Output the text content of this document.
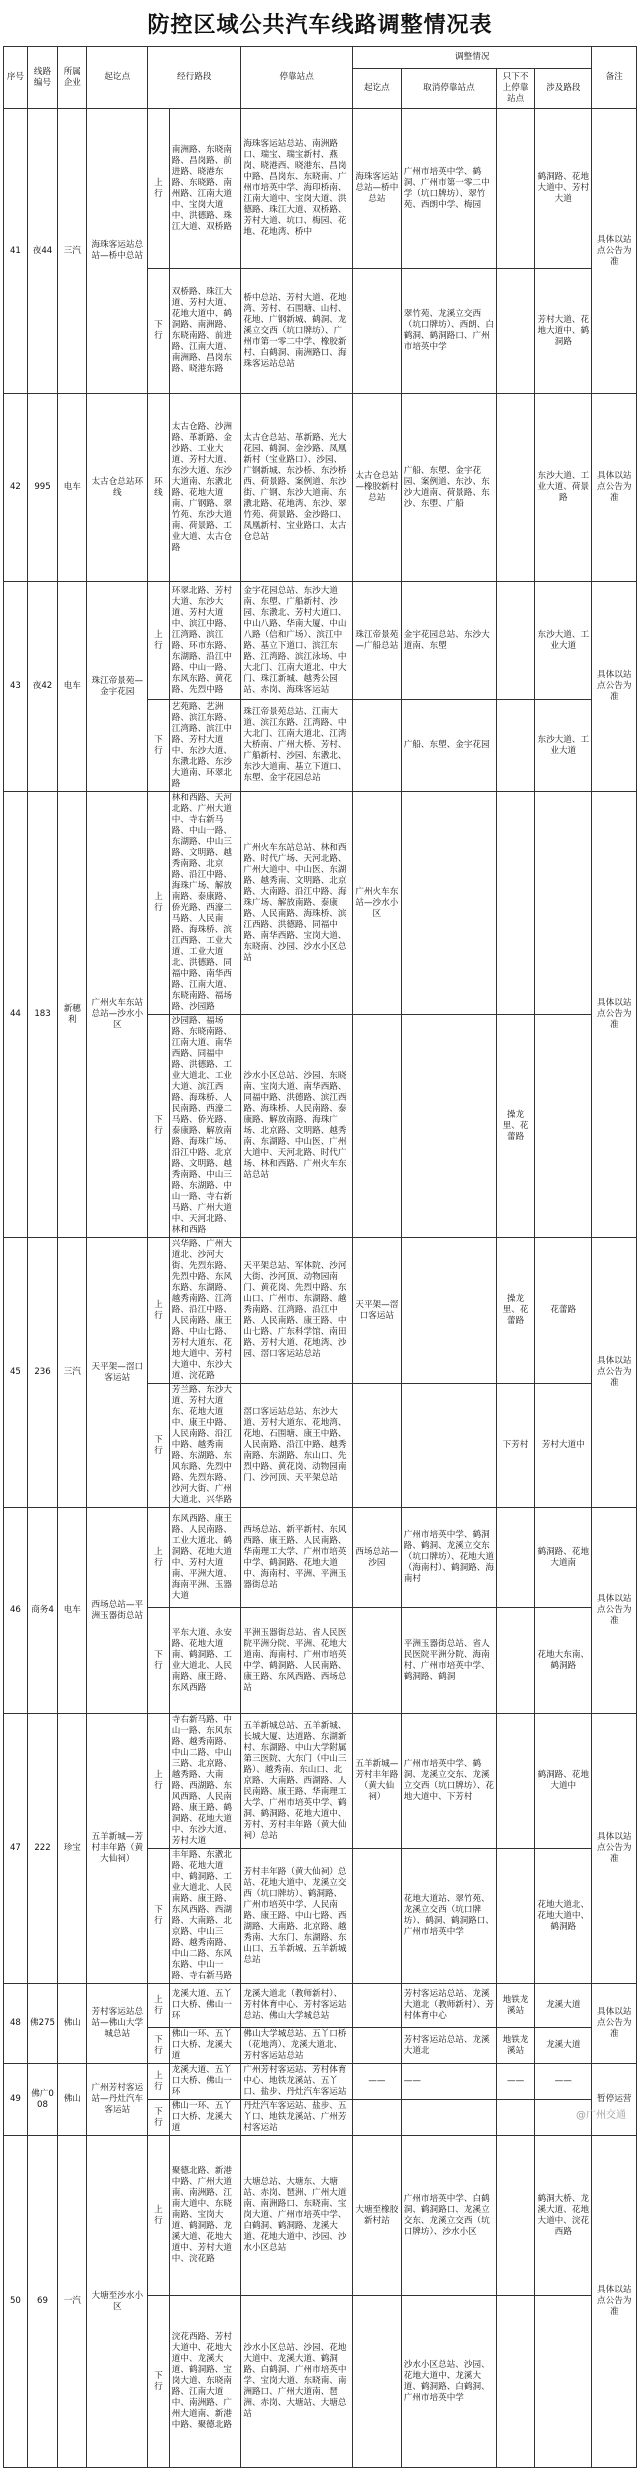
防控区域公共汽车线路调整情况表
序号	线路编号	所属企业	起讫点	经行路段		停靠站点	调整情况				备注
							起讫点	取消停靠站点	只下不上停靠站点	涉及路段	
41	夜44	三汽	海珠客运站总站—桥中总站	上行	南洲路、东晓南路、昌岗路、前进路、晓港东路、东晓路、南州路、江南大道中、宝岗大道中、洪德路、珠江大道、双桥路	海珠客运站总站、南洲路口、瑞宝、瑞宝新村、燕岗、晓港西、晓港东、昌岗中路、昌岗东、东晓南、广州市培英中学、海印桥南、江南大道中、宝岗大道、洪德路、珠江大道、双桥路、芳村大道、坑口、梅园、花地、花地湾、桥中	海珠客运站总站—桥中总站	广州市培英中学、鹤洞、广州市第一零二中学（坑口牌坊）、翠竹苑、西朗中学、梅园		鹤洞路、花地大道中、芳村大道	具体以站点公告为准
				下行	双桥路、珠江大道、芳村大道、花地大道中、鹤洞路、南洲路、东晓南路、前进路、江南大道、南洲路、昌岗东路、晓港东路	桥中总站、芳村大道、花地湾、芳村、石围塘、山村、花地、广钢新城、鹤洞、龙溪立交西（坑口牌坊）、广州市第一零二中学、橡胶新村、白鹤洞、南洲路口、海珠客运站总站		翠竹苑、龙溪立交西（坑口牌坊）、西朗、白鹤洞、鹤洞路口、广州市培英中学		芳村大道、花地大道中、鹤洞路	
42	995	电车	太古仓总站环线	环线	太古仓路、沙洲路、革新路、金沙路、工业大道、芳村大道、东沙大道、东沙大道南、东漖北路、花地大道南、广钢路、翠竹苑、东沙大道南、荷景路、工业大道、太古仓路	太古仓总站、革新路、光大花园、鹤洞、金沙路、凤凰新村（宝业路口）、沙园、广钢新城、东沙桥、东沙桥西、荷景路、案例道、东沙街、广钢、东沙大道南、东漖北路、花地湾、东沙、翠竹苑、荷景路、金沙路口、凤凰新村、宝业路口、太古仓总站	太古仓总站—橡胶新村总站	广船、东塱、金宇花园、案例道、东沙、东沙大道南、荷景路、东沙、东塱、广船		东沙大道、工业大道、荷景路	具体以站点公告为准
43	夜42	电车	珠江帝景苑—金宇花园	上行	环翠北路、芳村大道、东沙大道、芳村大道中、滨江中路、江湾路、滨江路、环市东路、东湖路、沿江中路、中山一路、东风东路、黄花路、先烈中路	金宇花园总站、东沙大道南、东塱、广船新村、沙园、东漖北、芳村大道口、中山八路、华南大厦、中山八路（信和广场）、滨江中路、基立下道口、滨江东路、江湾路、滨江泳场、中大北门、江南大道北、中大门、珠江新城、越秀公园站、赤岗、海珠客运站	珠江帝景苑—广船总站	金宇花园总站、东沙大道南、东塱		东沙大道、工业大道	具体以站点公告为准
				下行	艺苑路、艺洲路、滨江东路、江湾路、滨江中路、芳村大道中、东沙大道、东漖北路、东沙大道南、环翠北路	珠江帝景苑总站、江南大道、滨江东路、江湾路、中大北门、江南大道北、江湾大桥南、广州大桥、芳村、广船新村、沙园、东漖北、东沙大道南、基立下道口、东塱、金宇花园总站		广船、东塱、金宇花园		东沙大道、工业大道	
44	183	新穗利	广州火车东站总站—沙水小区	上行	林和西路、天河北路、广州大道中、寺右新马路、中山一路、东湖路、中山三路、文明路、越秀南路、北京路、沿江中路、海珠广场、解放南路、泰康路、侨光路、西濠二马路、人民南路、海珠桥、滨江西路、工业大道、工业大道北、洪德路、同福中路、南华西路、江南大道、东晓南路、福场路、沙园路	广州火车东站总站、林和西路、时代广场、天河北路、广州大道中、中山医、东湖路、越秀南、文明路、北京路、大南路、沿江中路、海珠广场、解放南路、泰康路、人民南路、海珠桥、滨江西路、洪德路、同福中路、南华西路、宝岗大道、东晓南、沙园、沙水小区总站	广州火车东站—沙水小区				具体以站点公告为准
				下行	沙园路、福场路、东晓南路、江南大道、南华西路、同福中路、洪德路、工业大道北、工业大道、滨江西路、海珠桥、人民南路、西濠二马路、侨光路、泰康路、解放南路、海珠广场、沿江中路、北京路、文明路、越秀南路、中山三路、东湖路、中山一路、寺右新马路、广州大道中、天河北路、林和西路	沙水小区总站、沙园、东晓南、宝岗大道、南华西路、同福中路、洪德路、滨江西路、海珠桥、人民南路、泰康路、解放南路、海珠广场、北京路、文明路、越秀南、东湖路、中山医、广州大道中、天河北路、时代广场、林和西路、广州火车东站总站			操龙里、花蕾路		
45	236	三汽	天平架—滘口客运站	上行	兴华路、广州大道北、沙河大街、先烈东路、先烈中路、东风东路、东湖路、越秀南路、江湾路、沿江中路、人民南路、康王路、中山七路、芳村大道东、花地大道中、芳村大道中、东沙大道、浣花路	天平架总站、军体院、沙河大街、沙河顶、动物园南门、黄花岗、先烈中路、东山口、广州市、东湖路、越秀南路、江湾路、沿江中路、人民南路、康王路、中山七路、广东科学馆、南田路、芳村大道、花地湾、沙园、滘口客运站总站	天平架—滘口客运站		操龙里、花蕾路	花蕾路	具体以站点公告为准
				下行	芳兰路、东沙大道、芳村大道东、花地大道中、康王中路、人民南路、沿江中路、越秀南路、东湖路、东风东路、先烈中路、先烈东路、沙河大街、广州大道北、兴华路	滘口客运站总站、东沙大道、芳村大道东、花地湾、花地、石围塘、康王中路、人民南路、沿江中路、越秀南路、东湖路、东山口、先烈中路、黄花岗、动物园南门、沙河顶、天平架总站			下芳村	芳村大道中	
46	商务4	电车	西场总站—平洲玉器街总站	上行	东风西路、康王路、人民南路、工业大道北、鹤洞路、花地大道中、芳村大道南、平洲大道、海南平洲、玉器大道	西场总站、新平新村、东风西路、康王路、人民南路、华南理工大学、广州市培英中学、鹤洞路、花地大道中、海南村、平洲、平洲玉器街总站	西场总站—沙园	广州市培英中学、鹤洞路、鹤洞、龙溪立交东（坑口牌坊）、花地大道（海南村）、鹤洞路、海南村		鹤洞路、花地大道南	具体以站点公告为准
				下行	平东大道、永安路、花地大道南、鹤洞路、工业大道北、人民南路、康王路、东风西路	平洲玉器街总站、省人民医院平洲分院、平洲、花地大道南、海南村、广州市培英中学、鹤洞路、人民南路、康王路、东风西路、西场总站		平洲玉器街总站、省人民医院平洲分院、海南村、广州市培英中学、鹤洞路、鹤洞		花地大东南、鹤洞路	
47	222	珍宝	五羊新城—芳村丰年路（黄大仙祠）	上行	寺右新马路、中山一路、东风东路、越秀南路、中山二路、中山三路、北京路、越秀路、大南路、西湖路、东风西路、人民南路、康王路、鹤洞路、花地大道中、东沙大道、芳村大道	五羊新城总站、五羊新城、长城大厦、达道路、东湖新村、东湖路、中山大学附属第三医院、大东门（中山三路）、越秀南、东山口、北京路、大南路、西湖路、人民南路、康王路、华南理工大学、广州市培英中学、鹤洞、鹤洞路、花地大道中、芳村、芳村丰年路（黄大仙祠）总站	五羊新城—芳村丰年路（黄大仙祠）	广州市培英中学、鹤洞、龙溪立交东、龙溪立交西（坑口牌坊）、花地大道中、下芳村		鹤洞路、花地大道中	具体以站点公告为准
				下行	丰年路、东漖北路、花地大道中、鹤洞路、工业大道北、人民南路、康王路、东风西路、西湖路、大南路、北京路、中山三路、越秀南路、中山二路、东风东路、中山一路、寺右新马路	芳村丰年路（黄大仙祠）总站、花地大道中、龙溪立交西（坑口牌坊）、鹤洞路、广州市培英中学、人民南路、康王路、中山七路、西湖路、大南路、北京路、越秀南、大东门、东湖路、东山口、五羊新城、五羊新城总站		花地大道站、翠竹苑、龙溪立交西（坑口牌坊）、鹤洞、鹤洞路口、广州市培英中学		花地大道北、花地大道中、鹤洞路	
48	佛275	佛山	芳村客运站总站—佛山大学城总站	上行	龙溪大道、五丫口大桥、佛山一环	龙溪大道北（教师新村）、芳村体育中心、芳村客运站总站、佛山大学城总站		芳村客运站总站、龙溪大道北（教师新村）、芳村体育中心	地铁龙溪站	龙溪大道	具体以站点公告为准
				下行	佛山一环、五丫口大桥、龙溪大道	佛山大学城总站、五丫口桥（花地湾）、龙溪大道北、芳村客运站总站		芳村客运站总站、龙溪大道北	地铁龙溪站	龙溪大道	
49	佛广008	佛山	广州芳村客运站—丹灶汽车客运站	上行	龙溪大道、五丫口大桥、佛山一环	广州芳村客运站、芳村体育中心、地铁龙溪站、五丫口、盐步、丹灶汽车客运站	——	——	——	——	暂停运营
				下行	佛山一环、五丫口大桥、龙溪大道	丹灶汽车客运站、盐步、五丫口、地铁龙溪站、广州芳村客运站					
50	69	一汽	大塘至沙水小区	上行	聚德北路、新港中路、广州大道南、南洲路、江南大道中、东晓南路、宝岗大道、鹤洞路、龙溪大道、花地大道中、芳村大道中、浣花路	大塘总站、大塘东、大塘站、赤岗、琶洲、广州大道南、南洲路口、东晓南、宝岗大道、广州市培英中学、白鹤洞、鹤洞路、龙溪大道、花地大道中、沙园、沙水小区总站	大塘至橡胶新村站	广州市培英中学、白鹤洞、鹤洞路口、龙溪立交东、龙溪立交西（坑口牌坊）、沙水小区		鹤洞大桥、龙溪大道、花地大道中、浣花西路	具体以站点公告为准
				下行	浣花西路、芳村大道中、花地大道中、龙溪大道、鹤洞路、宝岗大道、东晓南路、江南大道中、南洲路、广州大道南、新港中路、聚德北路	沙水小区总站、沙园、花地大道中、龙溪大道、鹤洞路、白鹤洞、广州市培英中学、宝岗大道、东晓南、南洲路口、广州大道南、琶洲、赤岗、大塘站、大塘总站		沙水小区总站、沙园、花地大道中、龙溪大道、鹤洞路、白鹤洞、广州市培英中学			
@广州交通
